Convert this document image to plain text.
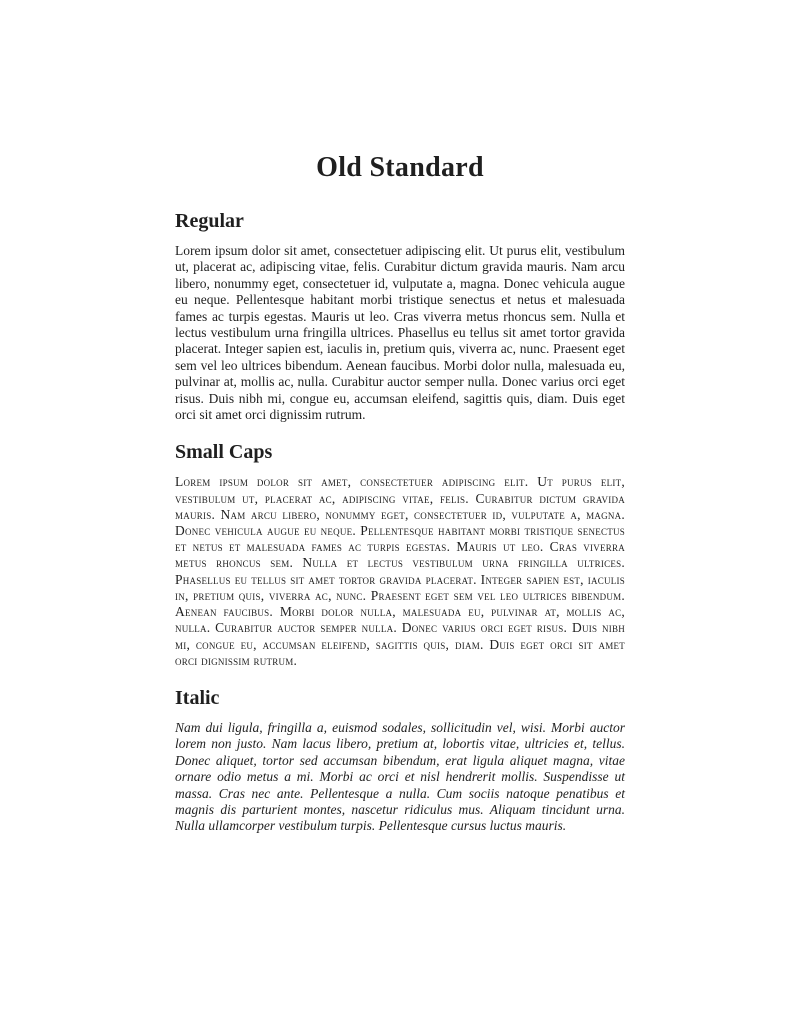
Old Standard
Regular

Lorem ipsum dolor sit amet, consectetuer adipiscing elit. Ut purus elit, vestibulum ut, placerat ac, adipiscing vitae, felis. Curabitur dictum gravida mauris. Nam arcu libero, nonummy eget, consectetuer id, vulputate a, magna. Donec vehicula augue eu neque. Pellentesque habitant morbi tristique senectus et netus et malesuada fames ac turpis egestas. Mauris ut leo. Cras viverra metus rhoncus sem. Nulla et lectus vestibulum urna fringilla ultrices. Phasellus eu tellus sit amet tortor gravida placerat. Integer sapien est, iaculis in, pretium quis, viverra ac, nunc. Praesent eget sem vel leo ultrices bibendum. Aenean faucibus. Morbi dolor nulla, malesuada eu, pulvinar at, mollis ac, nulla. Curabitur auctor semper nulla. Donec varius orci eget risus. Duis nibh mi, congue eu, accumsan eleifend, sagittis quis, diam. Duis eget orci sit amet orci dignissim rutrum.

Small Caps

Lorem ipsum dolor sit amet, consectetuer adipiscing elit. Ut purus elit, vestibulum ut, placerat ac, adipiscing vitae, felis. Curabitur dictum gravida mauris. Nam arcu libero, nonummy eget, consectetuer id, vulputate a, magna. Donec vehicula augue eu neque. Pellentesque habitant morbi tristique senectus et netus et malesuada fames ac turpis egestas. Mauris ut leo. Cras viverra metus rhoncus sem. Nulla et lectus vestibulum urna fringilla ultrices. Phasellus eu tellus sit amet tortor gravida placerat. Integer sapien est, iaculis in, pretium quis, viverra ac, nunc. Praesent eget sem vel leo ultrices bibendum. Aenean faucibus. Morbi dolor nulla, malesuada eu, pulvinar at, mollis ac, nulla. Curabitur auctor semper nulla. Donec varius orci eget risus. Duis nibh mi, congue eu, accumsan eleifend, sagittis quis, diam. Duis eget orci sit amet orci dignissim rutrum.

Italic

Nam dui ligula, fringilla a, euismod sodales, sollicitudin vel, wisi. Morbi auctor lorem non justo. Nam lacus libero, pretium at, lobortis vitae, ultricies et, tellus. Donec aliquet, tortor sed accumsan bibendum, erat ligula aliquet magna, vitae ornare odio metus a mi. Morbi ac orci et nisl hendrerit mollis. Suspendisse ut massa. Cras nec ante. Pellentesque a nulla. Cum sociis natoque penatibus et magnis dis parturient montes, nascetur ridiculus mus. Aliquam tincidunt urna. Nulla ullamcorper vestibulum turpis. Pellentesque cursus luctus mauris.
